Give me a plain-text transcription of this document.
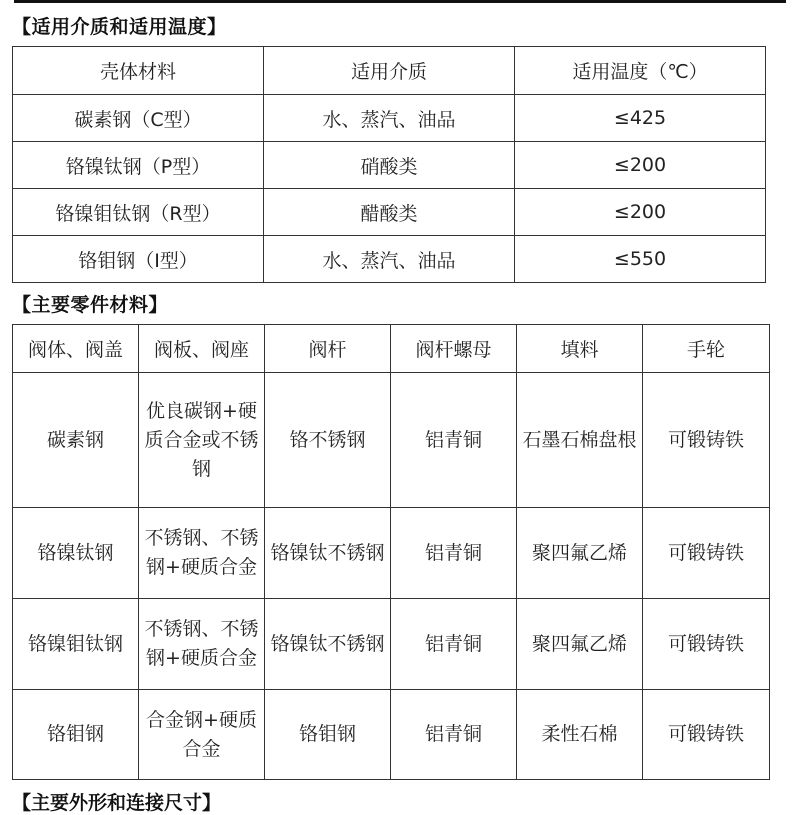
【适用介质和适用温度】
壳体材料	适用介质	适用温度（℃）
碳素钢（C型）	水、蒸汽、油品	≤425
铬镍钛钢（P型）	硝酸类	≤200
铬镍钼钛钢（R型）	醋酸类	≤200
铬钼钢（I型）	水、蒸汽、油品	≤550
【主要零件材料】
阀体、阀盖	阀板、阀座	阀杆	阀杆螺母	填料	手轮
碳素钢	优良碳钢+硬质合金或不锈钢	铬不锈钢	铝青铜	石墨石棉盘根	可锻铸铁
铬镍钛钢	不锈钢、不锈钢+硬质合金	铬镍钛不锈钢	铝青铜	聚四氟乙烯	可锻铸铁
铬镍钼钛钢	不锈钢、不锈钢+硬质合金	铬镍钛不锈钢	铝青铜	聚四氟乙烯	可锻铸铁
铬钼钢	合金钢+硬质合金	铬钼钢	铝青铜	柔性石棉	可锻铸铁
【主要外形和连接尺寸】
